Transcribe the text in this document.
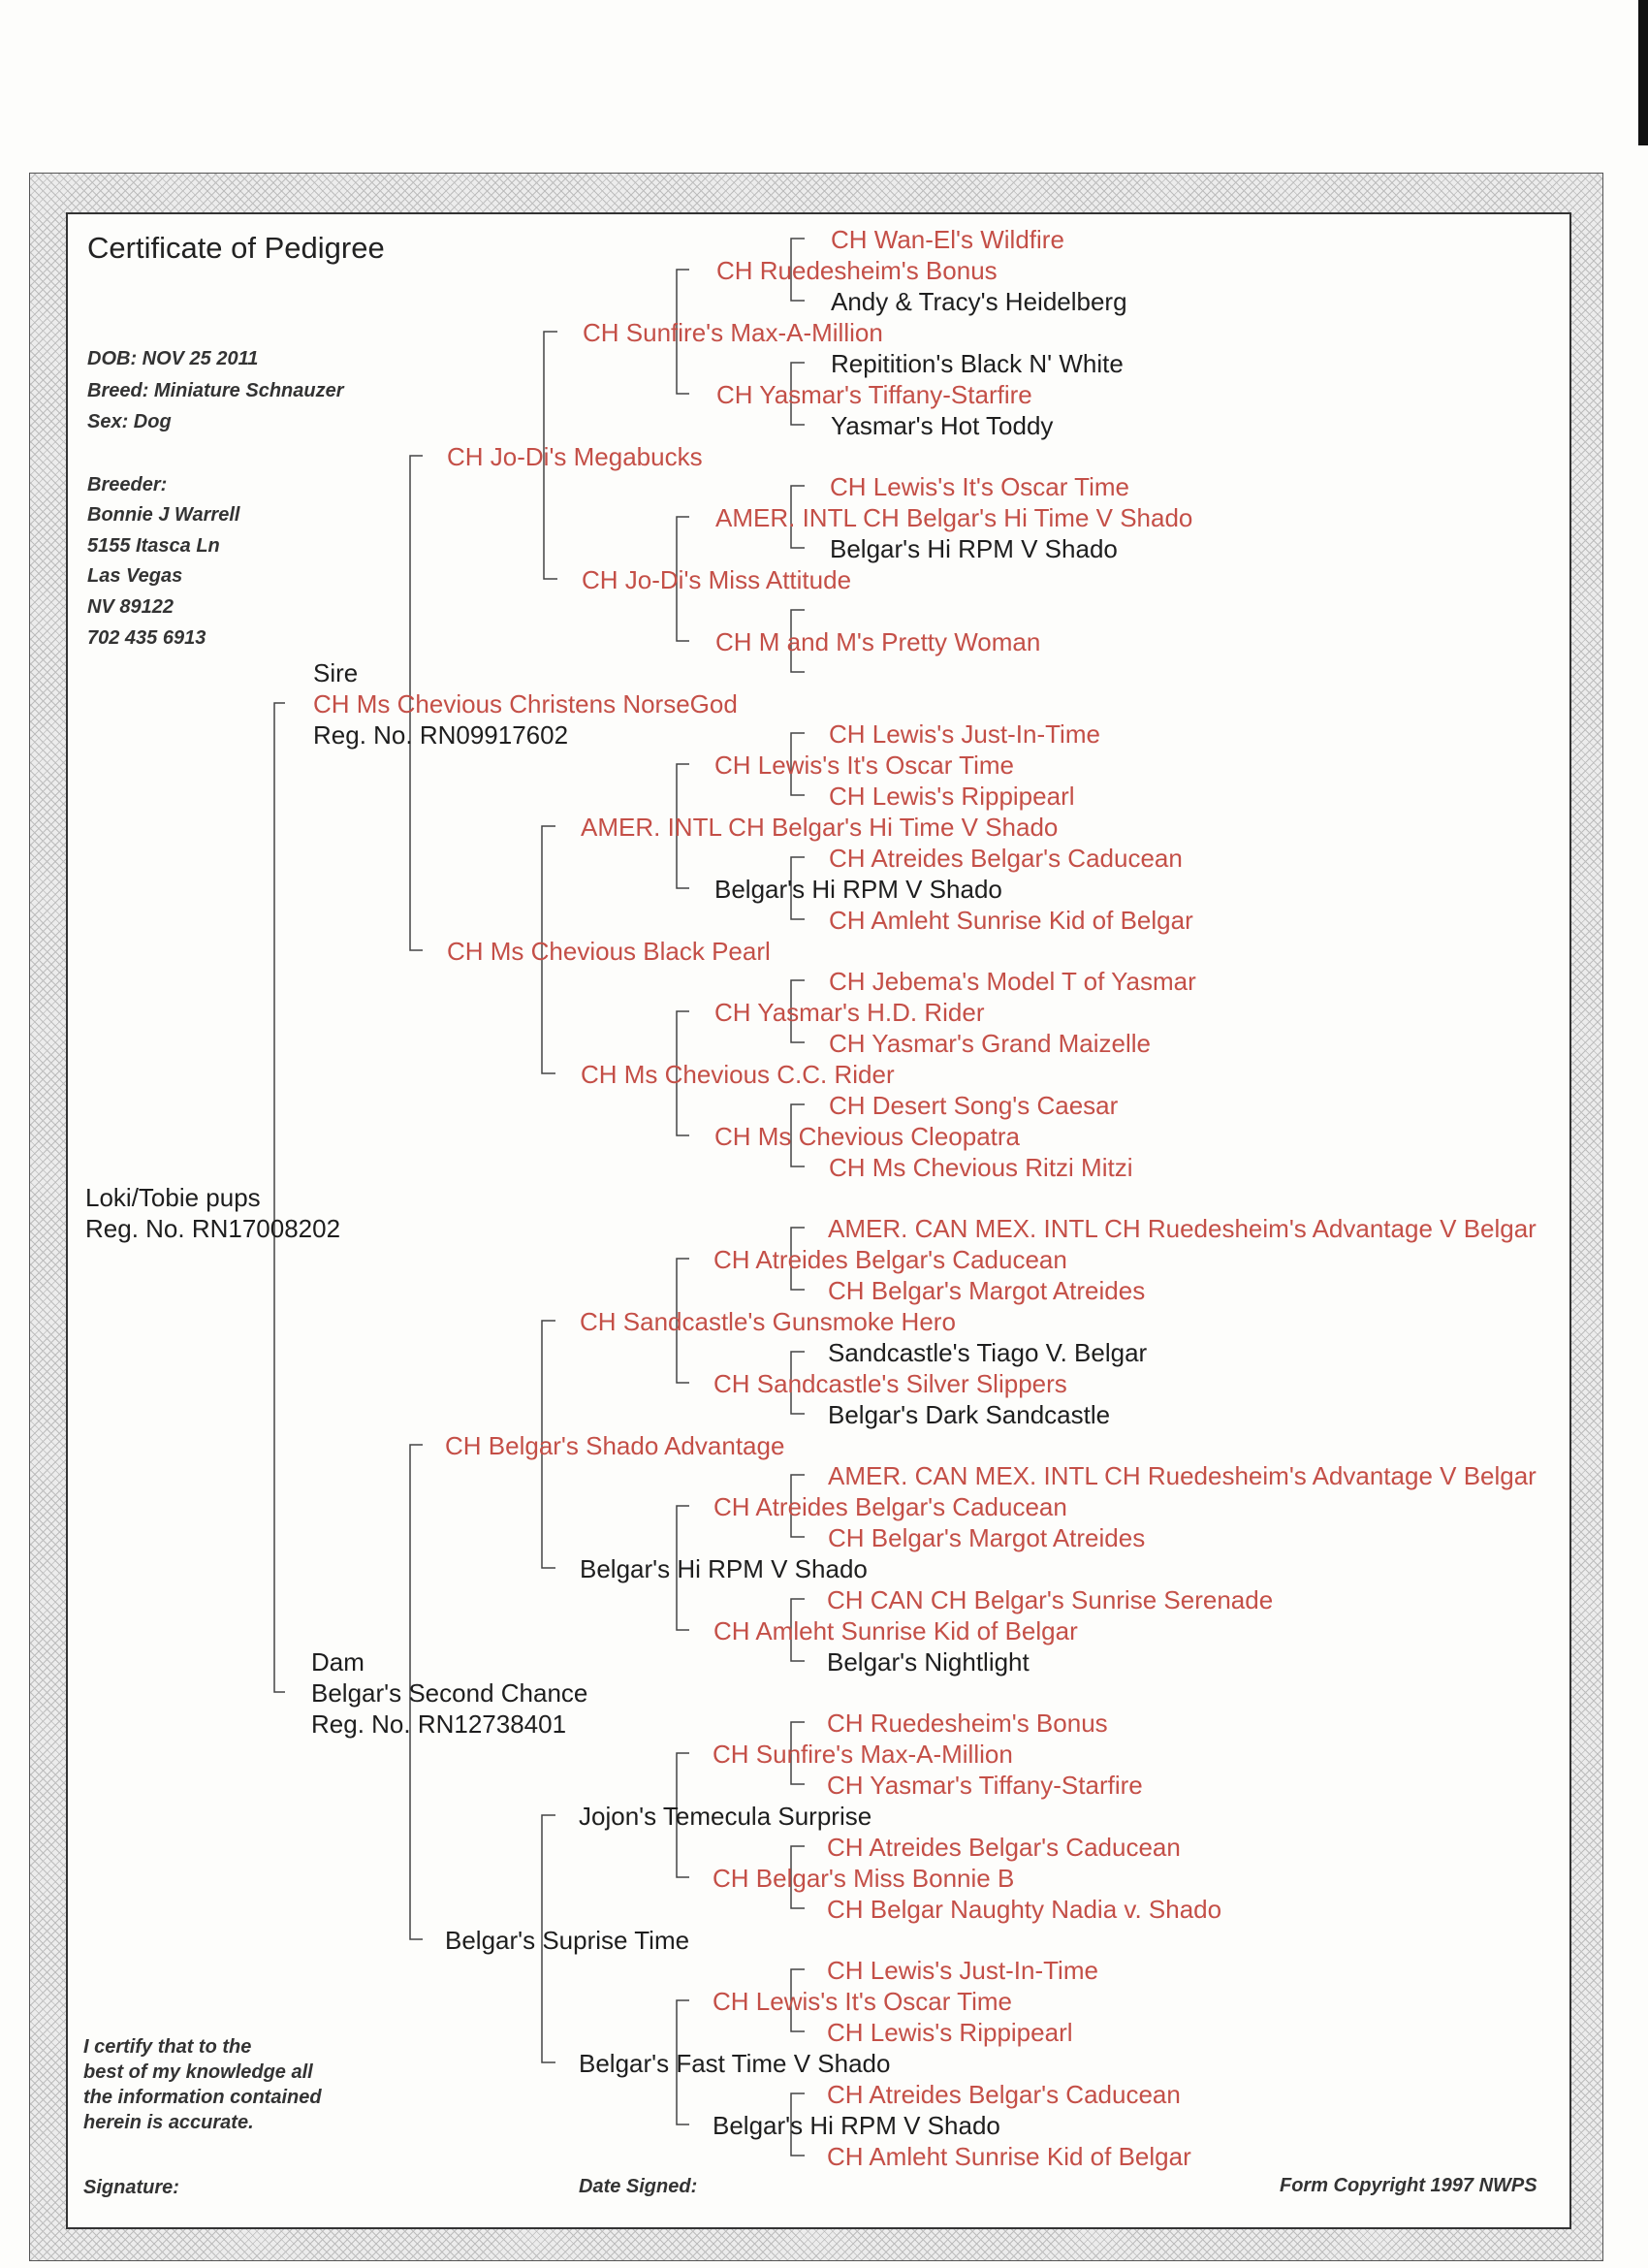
Certificate of Pedigree
DOB: NOV 25 2011
Breed: Miniature Schnauzer
Sex: Dog
Breeder:
Bonnie J Warrell
5155 Itasca Ln
Las Vegas
NV 89122
702 435 6913
Loki/Tobie pups
Reg. No. RN17008202
Sire
CH Ms Chevious Christens NorseGod
Reg. No. RN09917602
Dam
Belgar's Second Chance
Reg. No. RN12738401
CH Jo-Di's Megabucks
CH Ms Chevious Black Pearl
CH Belgar's Shado Advantage
Belgar's Suprise Time
CH Sunfire's Max-A-Million
CH Jo-Di's Miss Attitude
AMER. INTL CH Belgar's Hi Time V Shado
CH Ms Chevious C.C. Rider
CH Sandcastle's Gunsmoke Hero
Belgar's Hi RPM V Shado
Jojon's Temecula Surprise
Belgar's Fast Time V Shado
CH Ruedesheim's Bonus
CH Yasmar's Tiffany-Starfire
AMER. INTL CH Belgar's Hi Time V Shado
CH M and M's Pretty Woman
CH Lewis's It's Oscar Time
Belgar's Hi RPM V Shado
CH Yasmar's H.D. Rider
CH Ms Chevious Cleopatra
CH Atreides Belgar's Caducean
CH Sandcastle's Silver Slippers
CH Atreides Belgar's Caducean
CH Amleht Sunrise Kid of Belgar
CH Sunfire's Max-A-Million
CH Belgar's Miss Bonnie B
CH Lewis's It's Oscar Time
Belgar's Hi RPM V Shado
CH Wan-El's Wildfire
Andy & Tracy's Heidelberg
Repitition's Black N' White
Yasmar's Hot Toddy
CH Lewis's It's Oscar Time
Belgar's Hi RPM V Shado
CH Lewis's Just-In-Time
CH Lewis's Rippipearl
CH Atreides Belgar's Caducean
CH Amleht Sunrise Kid of Belgar
CH Jebema's Model T of Yasmar
CH Yasmar's Grand Maizelle
CH Desert Song's Caesar
CH Ms Chevious Ritzi Mitzi
AMER. CAN MEX. INTL CH Ruedesheim's Advantage V Belgar
CH Belgar's Margot Atreides
Sandcastle's Tiago V. Belgar
Belgar's Dark Sandcastle
AMER. CAN MEX. INTL CH Ruedesheim's Advantage V Belgar
CH Belgar's Margot Atreides
CH CAN CH Belgar's Sunrise Serenade
Belgar's Nightlight
CH Ruedesheim's Bonus
CH Yasmar's Tiffany-Starfire
CH Atreides Belgar's Caducean
CH Belgar Naughty Nadia v. Shado
CH Lewis's Just-In-Time
CH Lewis's Rippipearl
CH Atreides Belgar's Caducean
CH Amleht Sunrise Kid of Belgar
I certify that to the
best of my knowledge all
the information contained
herein is accurate.
Signature:	Date Signed:	Form Copyright 1997 NWPS
